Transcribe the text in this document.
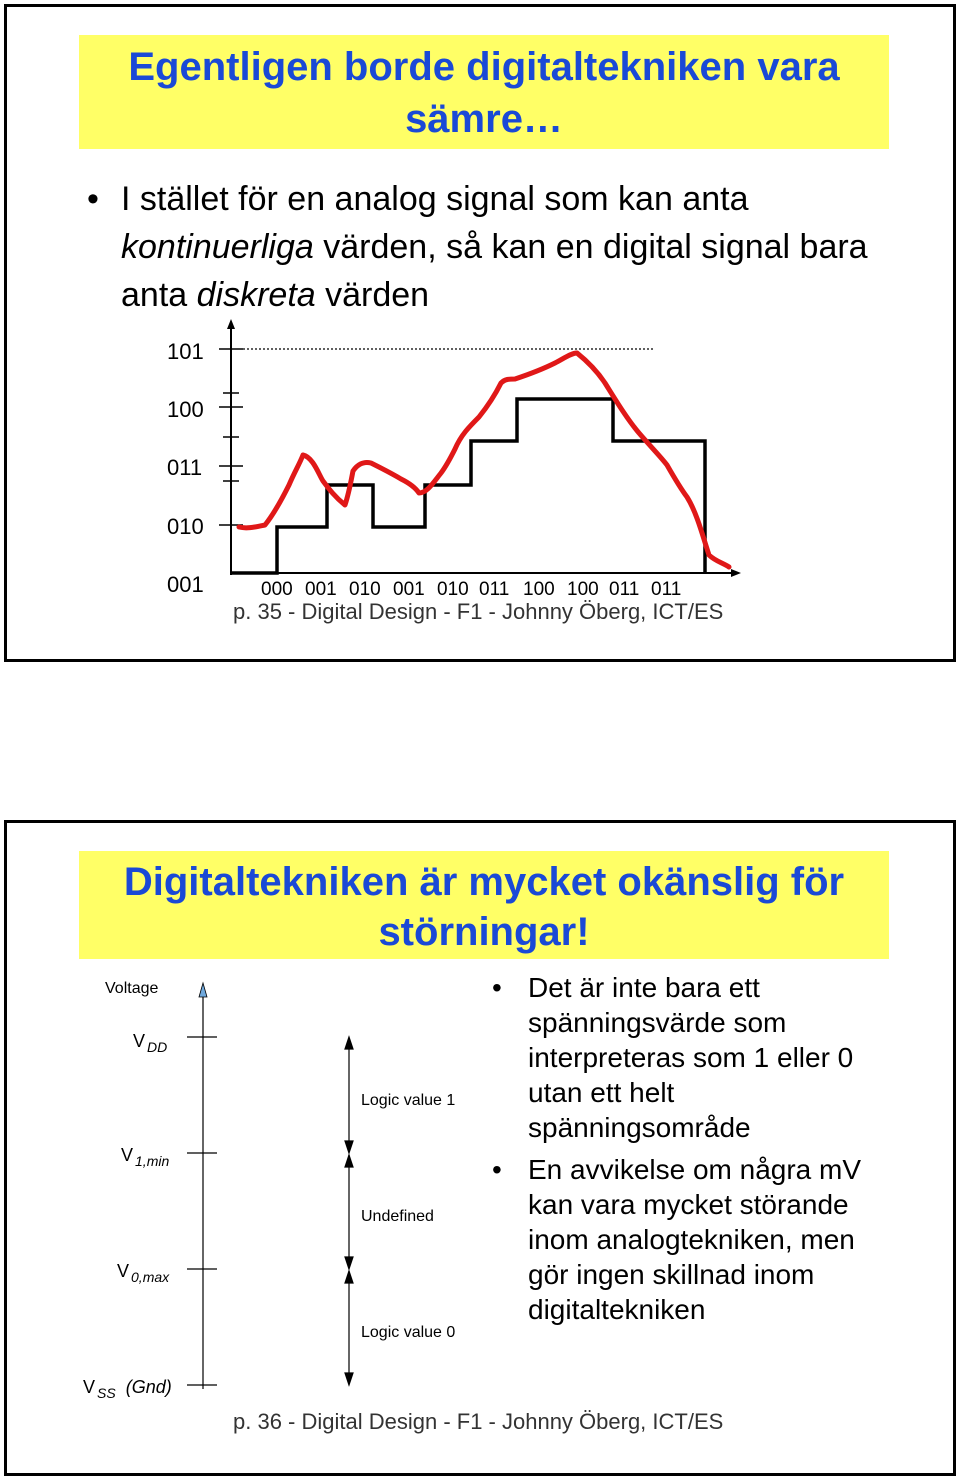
Egentligen borde digitaltekniken vara sämre…
• I stället för en analog signal som kan anta kontinuerliga värden, så kan en digital signal bara anta diskreta värden
101
100
011
010
001	000 001 010 001 010 011 100 100 011 011
p. 35 - Digital Design - F1 - Johnny Öberg, ICT/ES
Digitaltekniken är mycket okänslig för störningar!
Voltage
V $_{DD}$
V $_{1,min}$
V $_{0,max}$
V $_{SS}$ (Gnd)
Logic value 1
Undefined
Logic value 0
p. 36 - Digital Design - F1 - Johnny Öberg, ICT/ES
• Det är inte bara ett spänningsvärde som interpreteras som 1 eller 0 utan ett helt spänningsområde
• En avvikelse om några mV kan vara mycket störande inom analogtekniken, men gör ingen skillnad inom digitaltekniken
